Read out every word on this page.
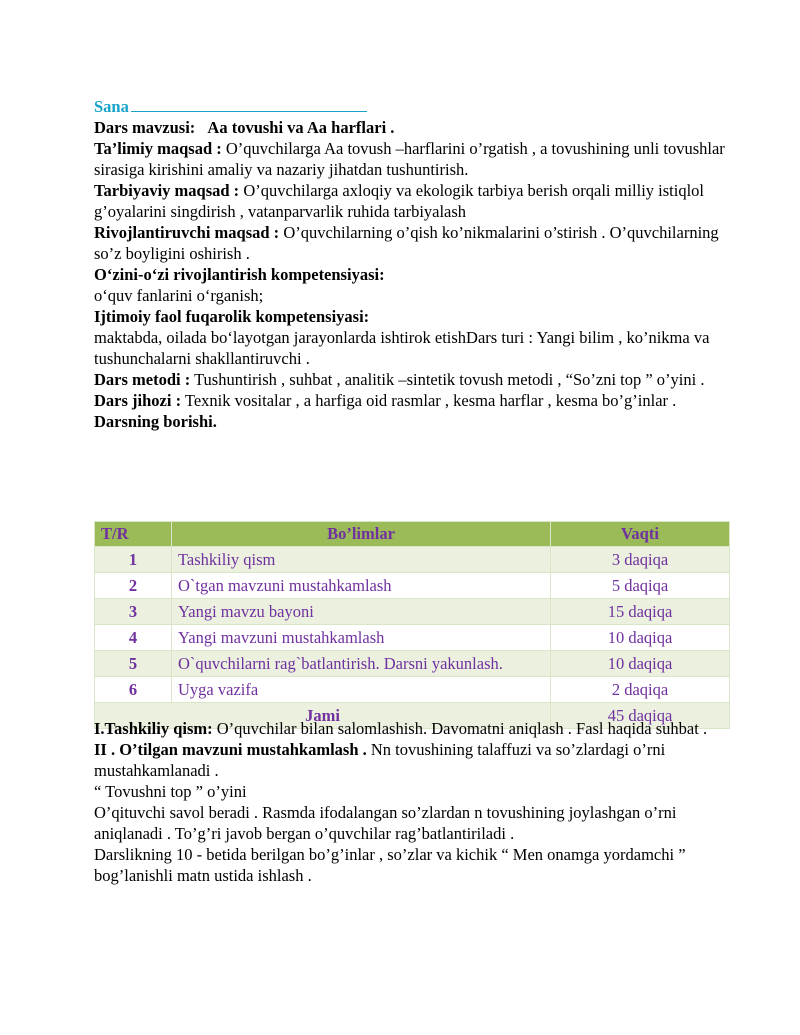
Sana

Dars mavzusi: Aa tovushi va Aa harflari .

Ta’limiy maqsad : O’quvchilarga Aa tovush –harflarini o’rgatish , a tovushining unli tovushlar sirasiga kirishini amaliy va nazariy jihatdan tushuntirish.

Tarbiyaviy maqsad : O’quvchilarga axloqiy va ekologik tarbiya berish orqali milliy istiqlol g’oyalarini singdirish , vatanparvarlik ruhida tarbiyalash

Rivojlantiruvchi maqsad : O’quvchilarning o’qish ko’nikmalarini o’stirish . O’quvchilarning so’z boyligini oshirish .

O‘zini-o‘zi rivojlantirish kompetensiyasi:

o‘quv fanlarini o‘rganish;

Ijtimoiy faol fuqarolik kompetensiyasi:

maktabda, oilada bo‘layotgan jarayonlarda ishtirok etishDars turi : Yangi bilim , ko’nikma va tushunchalarni shakllantiruvchi .

Dars metodi : Tushuntirish , suhbat , analitik –sintetik tovush metodi , “So’zni top ” o’yini .

Dars jihozi : Texnik vositalar , a harfiga oid rasmlar , kesma harflar , kesma bo’g’inlar .

Darsning borishi.

T/R	Bo’limlar	Vaqti
1	Tashkiliy qism	3 daqiqa
2	O`tgan mavzuni mustahkamlash	5 daqiqa
3	Yangi mavzu bayoni	15 daqiqa
4	Yangi mavzuni mustahkamlash	10 daqiqa
5	O`quvchilarni rag`batlantirish. Darsni yakunlash.	10 daqiqa
6	Uyga vazifa	2 daqiqa
Jami		45 daqiqa

I.Tashkiliy qism: O’quvchilar bilan salomlashish. Davomatni aniqlash . Fasl haqida suhbat .

II . O’tilgan mavzuni mustahkamlash . Nn tovushining talaffuzi va so’zlardagi o’rni mustahkamlanadi .

“ Tovushni top ” o’yini

O’qituvchi savol beradi . Rasmda ifodalangan so’zlardan n tovushining joylashgan o’rni aniqlanadi . To’g’ri javob bergan o’quvchilar rag’batlantiriladi .

Darslikning 10 - betida berilgan bo’g’inlar , so’zlar va kichik “ Men onamga yordamchi ” bog’lanishli matn ustida ishlash .
